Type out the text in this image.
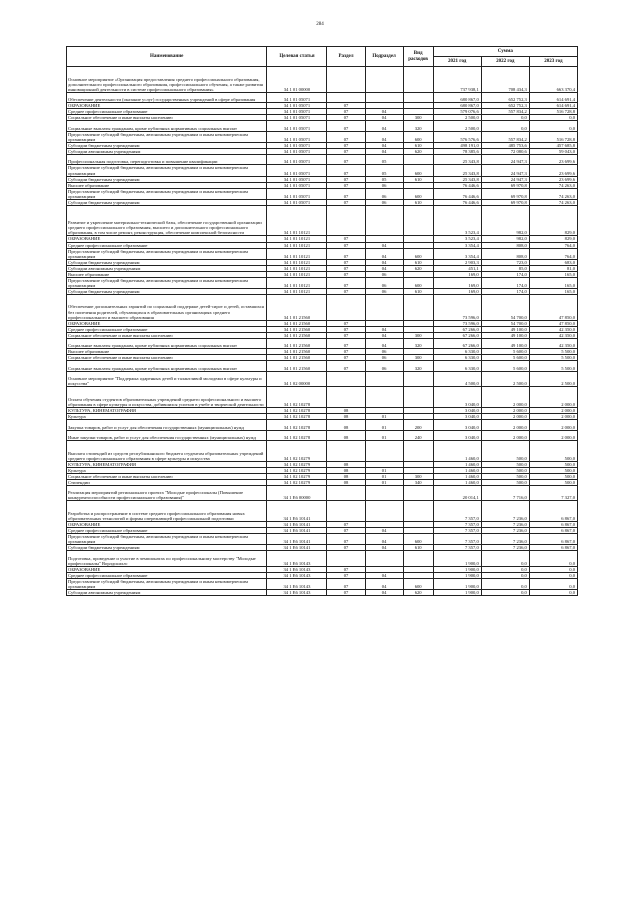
284
Наименование	Целевая статья	Раздел	Подраздел	Вид расходов	Сумма		
					2021 год	2022 год	2023 год
Основное мероприятие «Организация предоставления среднего профессионального образования, дополнительного профессионального образования, профессионального обучения, а также развития инновационной деятельности в системе профессионального образования»	34 1 01 00000				737 938,1	708 434,3	663 370,4
Обеспечение деятельности (оказание услуг) государственных учреждений в сфере образования	34 1 01 05071				680 867,0	652 752,3	614 691,4
ОБРАЗОВАНИЕ	34 1 01 05071	07			680 867,0	652 752,3	614 691,4
Среднее профессиональное образование	34 1 01 05071	07	04		579 076,6	557 834,2	516 728,8
Социальное обеспечение и иные выплаты населению	34 1 01 05071	07	04	300	2 500,0	0,0	0,0
Социальные выплаты гражданам, кроме публичных нормативных социальных выплат	34 1 01 05071	07	04	320	2 500,0	0,0	0,0
Предоставление субсидий бюджетным, автономным учреждениям и иным некоммерческим организациям	34 1 01 05071	07	04	600	576 576,6	557 834,2	516 728,8
Субсидии бюджетным учреждениям	34 1 01 05071	07	04	610	498 191,0	485 753,6	457 685,8
Субсидии автономным учреждениям	34 1 01 05071	07	04	620	78 385,6	72 080,6	59 043,0
Профессиональная подготовка, переподготовка и повышение квалификации	34 1 01 05071	07	05		25 343,8	24 947,3	23 699,6
Предоставление субсидий бюджетным, автономным учреждениям и иным некоммерческим организациям	34 1 01 05071	07	05	600	25 343,8	24 947,3	23 699,6
Субсидии бюджетным учреждениям	34 1 01 05071	07	05	610	25 343,8	24 947,3	23 699,6
Высшее образование	34 1 01 05071	07	06		76 446,6	69 970,8	74 263,0
Предоставление субсидий бюджетным, автономным учреждениям и иным некоммерческим организациям	34 1 01 05071	07	06	600	76 446,6	69 970,8	74 263,0
Субсидии бюджетным учреждениям	34 1 01 05071	07	06	610	76 446,6	69 970,8	74 263,0
Развитие и укрепление материально-технической базы, обеспечение государственной организации среднего профессионального образования, высшего и дополнительного профессионального образования, в том числе ремонт, реконструкция, обеспечение комплексной безопасности	34 1 01 10121				3 523,4	982,0	829,0
ОБРАЗОВАНИЕ	34 1 01 10121	07			3 523,4	982,0	829,0
Среднее профессиональное образование	34 1 01 10121	07	04		3 354,4	808,0	764,0
Предоставление субсидий бюджетным, автономным учреждениям и иным некоммерческим организациям	34 1 01 10121	07	04	600	3 354,4	808,0	764,0
Субсидии бюджетным учреждениям	34 1 01 10121	07	04	610	2 903,3	723,0	683,0
Субсидии автономным учреждениям	34 1 01 10121	07	04	620	451,1	85,0	81,0
Высшее образование	34 1 01 10121	07	06		169,0	174,0	165,0
Предоставление субсидий бюджетным, автономным учреждениям и иным некоммерческим организациям	34 1 01 10121	07	06	600	169,0	174,0	165,0
Субсидии бюджетным учреждениям	34 1 01 10121	07	06	610	169,0	174,0	165,0
Обеспечение дополнительных гарантий по социальной поддержке детей-сирот и детей, оставшихся без попечения родителей, обучающихся в образовательных организациях среднего профессионального и высшего образования	34 1 01 21560				73 596,0	54 700,0	47 850,0
ОБРАЗОВАНИЕ	34 1 01 21560	07			73 596,0	54 700,0	47 850,0
Среднее профессиональное образование	34 1 01 21560	07	04		67 266,0	49 100,0	42 350,0
Социальное обеспечение и иные выплаты населению	34 1 01 21560	07	04	300	67 266,0	49 100,0	42 350,0
Социальные выплаты гражданам, кроме публичных нормативных социальных выплат	34 1 01 21560	07	04	320	67 266,0	49 100,0	42 350,0
Высшее образование	34 1 01 21560	07	06		6 330,0	5 600,0	5 500,0
Социальное обеспечение и иные выплаты населению	34 1 01 21560	07	06	300	6 330,0	5 600,0	5 500,0
Социальные выплаты гражданам, кроме публичных нормативных социальных выплат	34 1 01 21560	07	06	320	6 330,0	5 600,0	5 500,0
Основное мероприятие "Поддержка одаренных детей и талантливой молодежи в сфере культуры и искусства"	34 1 02 00000				4 500,0	2 500,0	2 500,0
Оплата обучения студентов образовательных учреждений среднего профессионального и высшего образования в сфере культуры и искусства, добившихся успехов в учебе и творческой деятельности	34 1 02 10278				3 040,0	2 000,0	2 000,0
КУЛЬТУРА, КИНЕМАТОГРАФИЯ	34 1 02 10278	08			3 040,0	2 000,0	2 000,0
Культура	34 1 02 10278	08	01		3 040,0	2 000,0	2 000,0
Закупка товаров, работ и услуг для обеспечения государственных (муниципальных) нужд	34 1 02 10278	08	01	200	3 040,0	2 000,0	2 000,0
Иные закупки товаров, работ и услуг для обеспечения государственных (муниципальных) нужд	34 1 02 10278	08	01	240	3 040,0	2 000,0	2 000,0
Выплата стипендий из средств республиканского бюджета студентам образовательных учреждений среднего профессионального образования в сфере культуры и искусства	34 1 02 10279				1 460,0	500,0	500,0
КУЛЬТУРА, КИНЕМАТОГРАФИЯ	34 1 02 10279	08			1 460,0	500,0	500,0
Культура	34 1 02 10279	08	01		1 460,0	500,0	500,0
Социальное обеспечение и иные выплаты населению	34 1 02 10279	08	01	300	1 460,0	500,0	500,0
Стипендии	34 1 02 10279	08	01	340	1 460,0	500,0	500,0
Реализация мероприятий регионального проекта "Молодые профессионалы (Повышение конкурентоспособности профессионального образования)"	34 1 E6 00000				20 014,1	7 716,0	7 327,0
Разработка и распространение в системе среднего профессионального образования новых образовательных технологий и формы опережающей профессиональной подготовки	34 1 E6 10141				7 357,0	7 236,0	6 867,0
ОБРАЗОВАНИЕ	34 1 E6 10141	07			7 357,0	7 236,0	6 867,0
Среднее профессиональное образование	34 1 E6 10141	07	04		7 357,0	7 236,0	6 867,0
Предоставление субсидий бюджетным, автономным учреждениям и иным некоммерческим организациям	34 1 E6 10141	07	04	600	7 357,0	7 236,0	6 867,0
Субсидии бюджетным учреждениям	34 1 E6 10141	07	04	610	7 357,0	7 236,0	6 867,0
Подготовка, проведение и участие в чемпионатах по профессиональному мастерству "Молодые профессионалы" Ворлдскиллс	34 1 E6 10143				1 900,0	0,0	0,0
ОБРАЗОВАНИЕ	34 1 E6 10143	07			1 900,0	0,0	0,0
Среднее профессиональное образование	34 1 E6 10143	07	04		1 900,0	0,0	0,0
Предоставление субсидий бюджетным, автономным учреждениям и иным некоммерческим организациям	34 1 E6 10143	07	04	600	1 900,0	0,0	0,0
Субсидии автономным учреждениям	34 1 E6 10143	07	04	620	1 900,0	0,0	0,0
